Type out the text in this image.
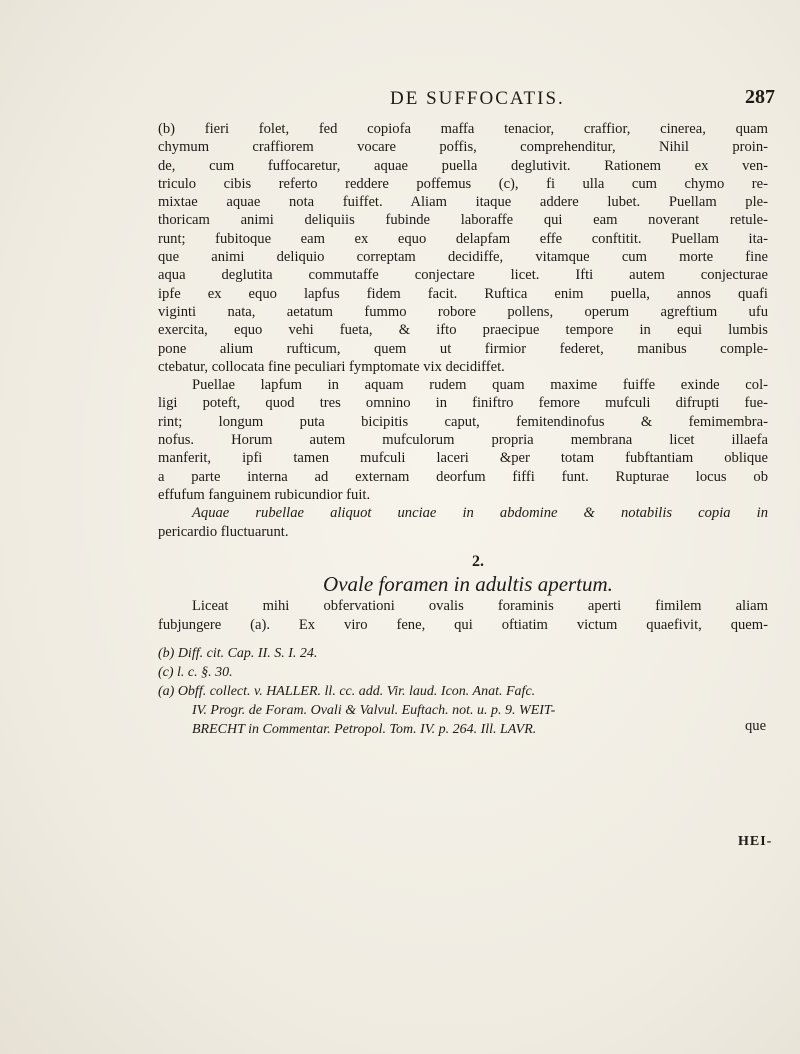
DE SUFFOCATIS.	287
(b) fieri folet, fed copiofa maffa tenacior, craffior, cinerea, quam
chymum craffiorem vocare poffis, comprehenditur, Nihil proin-
de, cum fuffocaretur, aquae puella deglutivit. Rationem ex ven-
triculo cibis referto reddere poffemus (c), fi ulla cum chymo re-
mixtae aquae nota fuiffet. Aliam itaque addere lubet. Puellam ple-
thoricam animi deliquiis fubinde laboraffe qui eam noverant retule-
runt; fubitoque eam ex equo delapfam effe conftitit. Puellam ita-
que animi deliquio correptam decidiffe, vitamque cum morte fine
aqua deglutita commutaffe conjectare licet. Ifti autem conjecturae
ipfe ex equo lapfus fidem facit. Ruftica enim puella, annos quafi
viginti nata, aetatum fummo robore pollens, operum agreftium ufu
exercita, equo vehi fueta, & ifto praecipue tempore in equi lumbis
pone alium rufticum, quem ut firmior federet, manibus comple-
ctebatur, collocata fine peculiari fymptomate vix decidiffet.
Puellae lapfum in aquam rudem quam maxime fuiffe exinde col-
ligi poteft, quod tres omnino in finiftro femore mufculi difrupti fue-
rint; longum puta bicipitis caput, femitendinofus & femimembra-
nofus. Horum autem mufculorum propria membrana licet illaefa
manferit, ipfi tamen mufculi laceri &per totam fubftantiam oblique
a parte interna ad externam deorfum fiffi funt. Rupturae locus ob
effufum fanguinem rubicundior fuit.
Aquae rubellae aliquot unciae in abdomine & notabilis copia in
pericardio fluctuarunt.
2.
Ovale foramen in adultis apertum.
Liceat mihi obfervationi ovalis foraminis aperti fimilem aliam
fubjungere (a). Ex viro fene, qui oftiatim victum quaefivit, quem-
(b) Diff. cit. Cap. II. S. I. 24.
(c) l. c. §. 30.
(a) Obff. collect. v. HALLER. ll. cc. add. Vir. laud. Icon. Anat. Fafc.
IV. Progr. de Foram. Ovali & Valvul. Euftach. not. u. p. 9. WEIT-
BRECHT in Commentar. Petropol. Tom. IV. p. 264. Ill. LAVR.	que
HEI-
